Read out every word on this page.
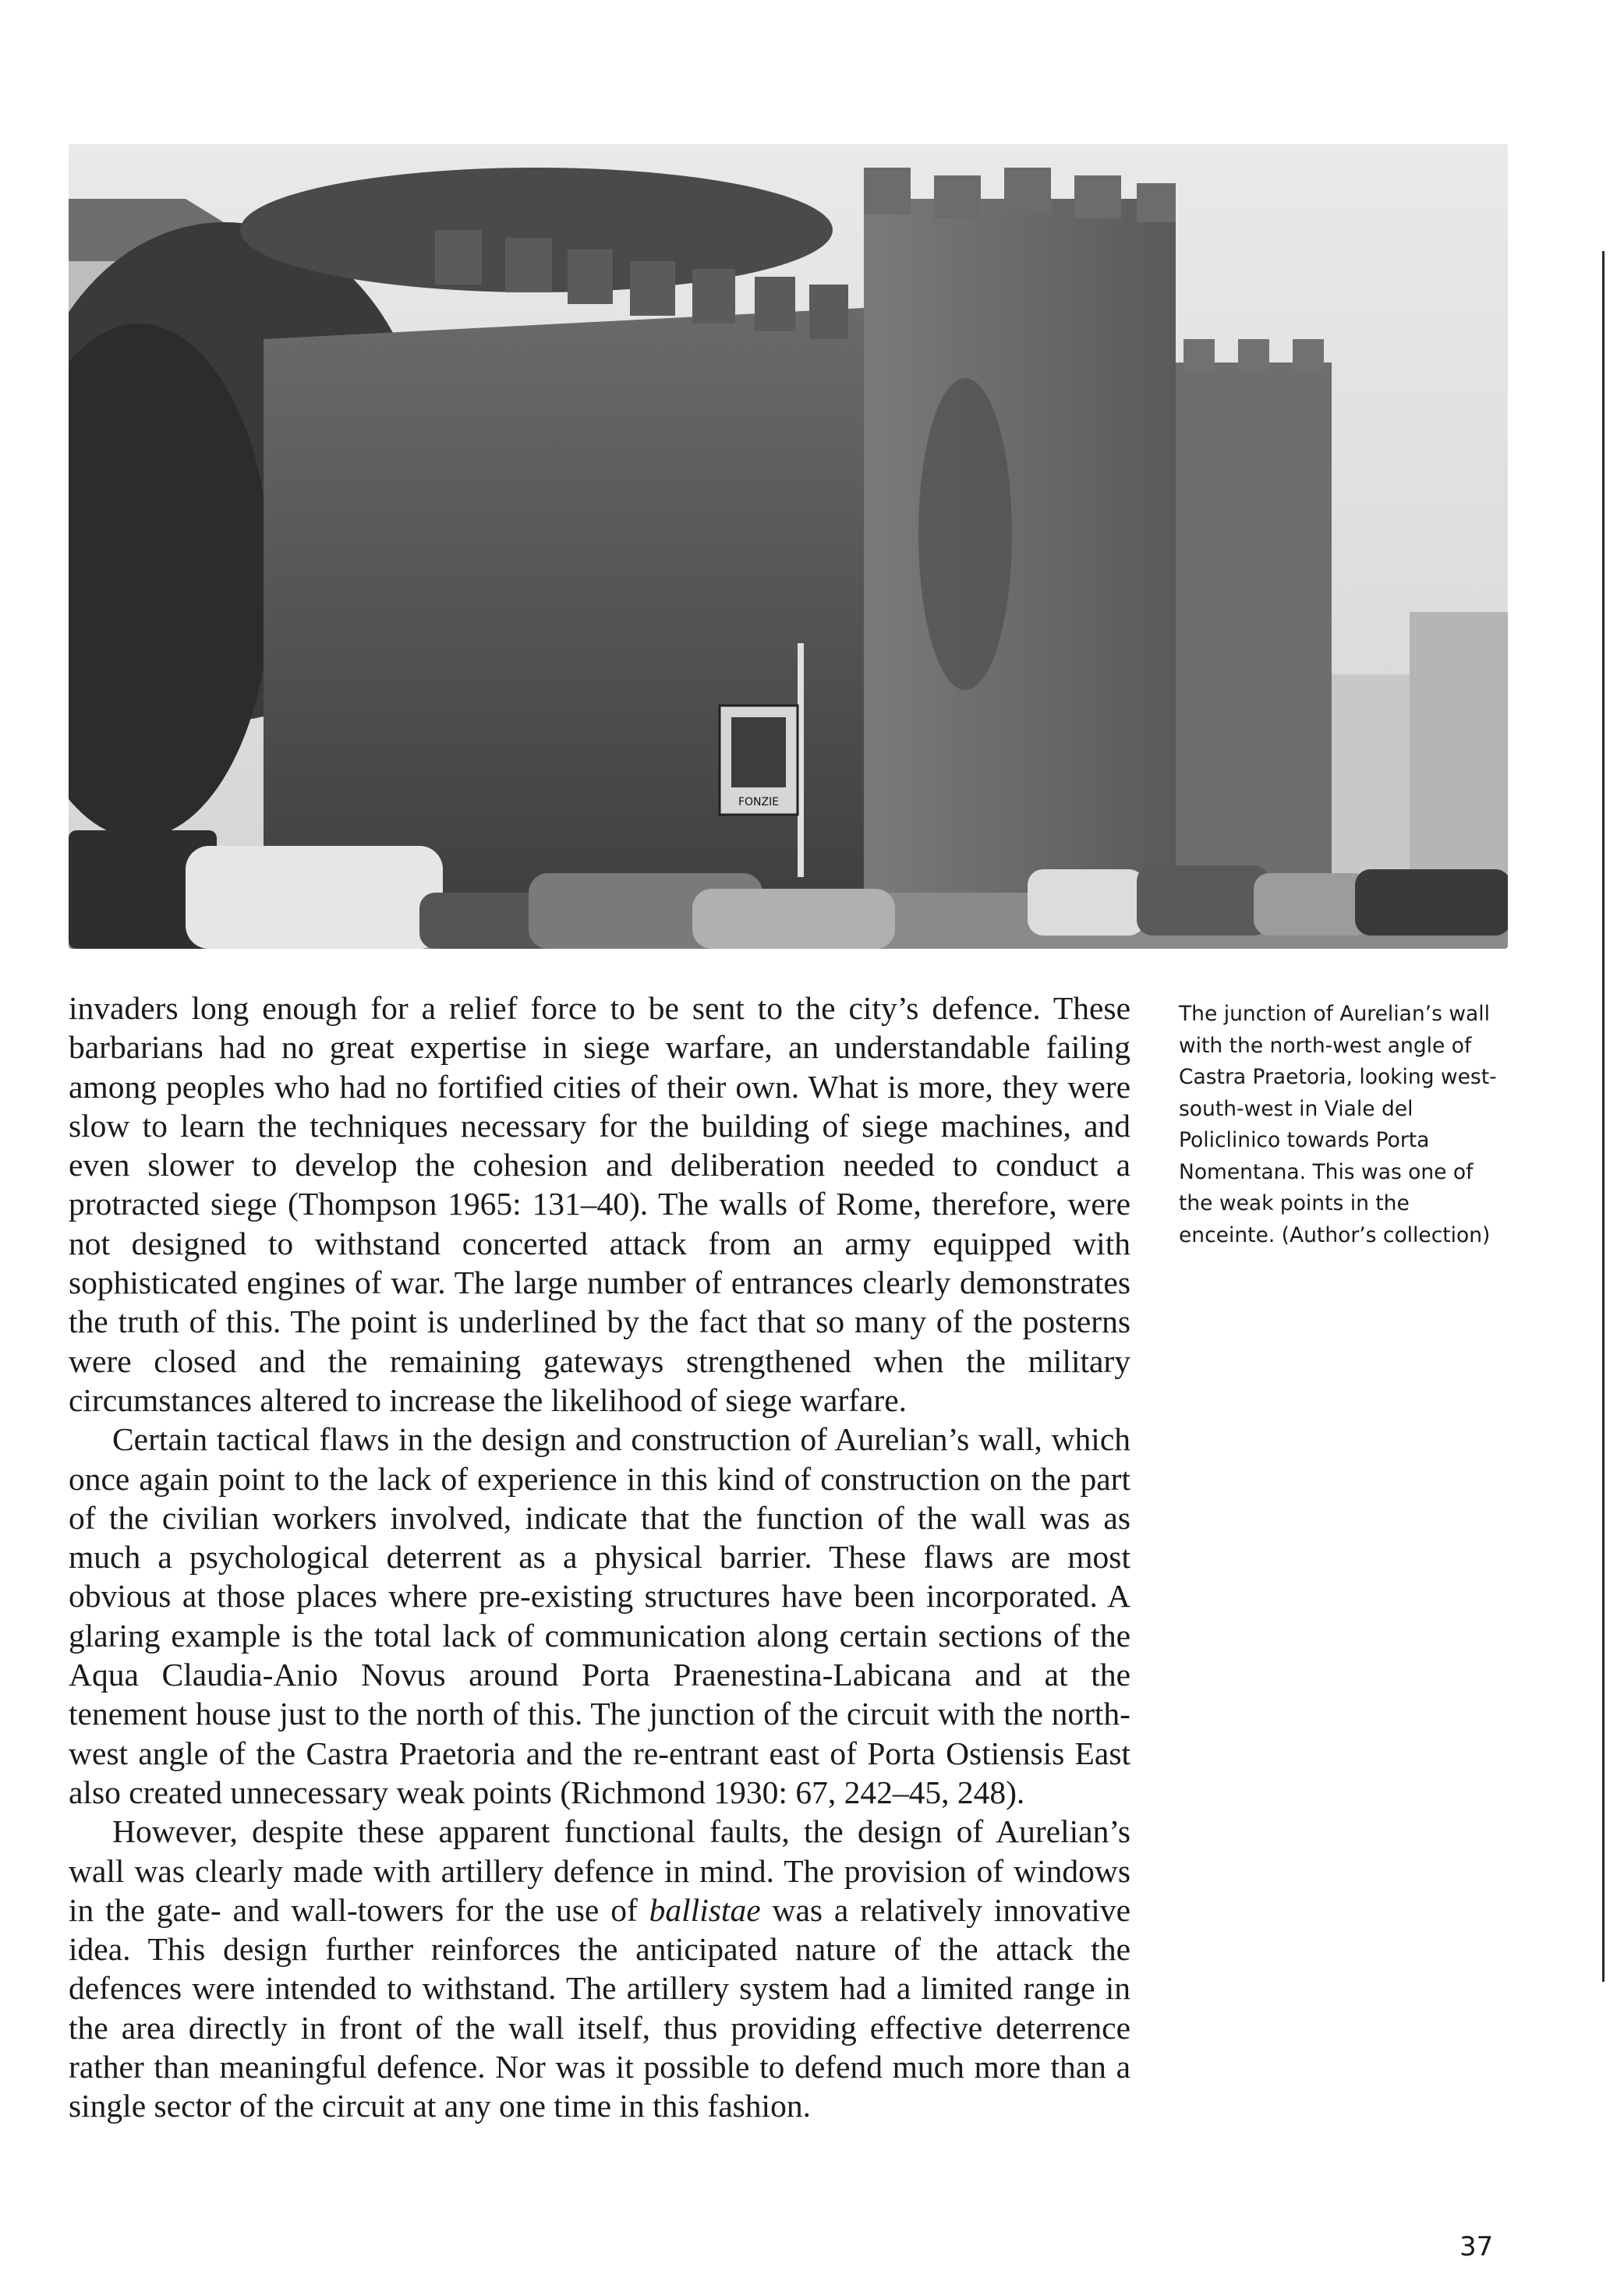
FONZIE

invaders long enough for a relief force to be sent to the city’s defence. These barbarians had no great expertise in siege warfare, an understandable failing among peoples who had no fortified cities of their own. What is more, they were slow to learn the techniques necessary for the building of siege machines, and even slower to develop the cohesion and deliberation needed to conduct a protracted siege (Thompson 1965: 131–40). The walls of Rome, therefore, were not designed to withstand concerted attack from an army equipped with sophisticated engines of war. The large number of entrances clearly demonstrates the truth of this. The point is underlined by the fact that so many of the posterns were closed and the remaining gateways strengthened when the military circumstances altered to increase the likelihood of siege warfare.

Certain tactical flaws in the design and construction of Aurelian’s wall, which once again point to the lack of experience in this kind of construction on the part of the civilian workers involved, indicate that the function of the wall was as much a psychological deterrent as a physical barrier. These flaws are most obvious at those places where pre-existing structures have been incorporated. A glaring example is the total lack of communication along certain sections of the Aqua Claudia-Anio Novus around Porta Praenestina-Labicana and at the tenement house just to the north of this. The junction of the circuit with the north-west angle of the Castra Praetoria and the re-entrant east of Porta Ostiensis East also created unnecessary weak points (Richmond 1930: 67, 242–45, 248).

However, despite these apparent functional faults, the design of Aurelian’s wall was clearly made with artillery defence in mind. The provision of windows in the gate- and wall-towers for the use of ballistae was a relatively innovative idea. This design further reinforces the anticipated nature of the attack the defences were intended to withstand. The artillery system had a limited range in the area directly in front of the wall itself, thus providing effective deterrence rather than meaningful defence. Nor was it possible to defend much more than a single sector of the circuit at any one time in this fashion.

The junction of Aurelian’s wall with the north-west angle of Castra Praetoria, looking west-south-west in Viale del Policlinico towards Porta Nomentana. This was one of the weak points in the enceinte. (Author’s collection)
37
